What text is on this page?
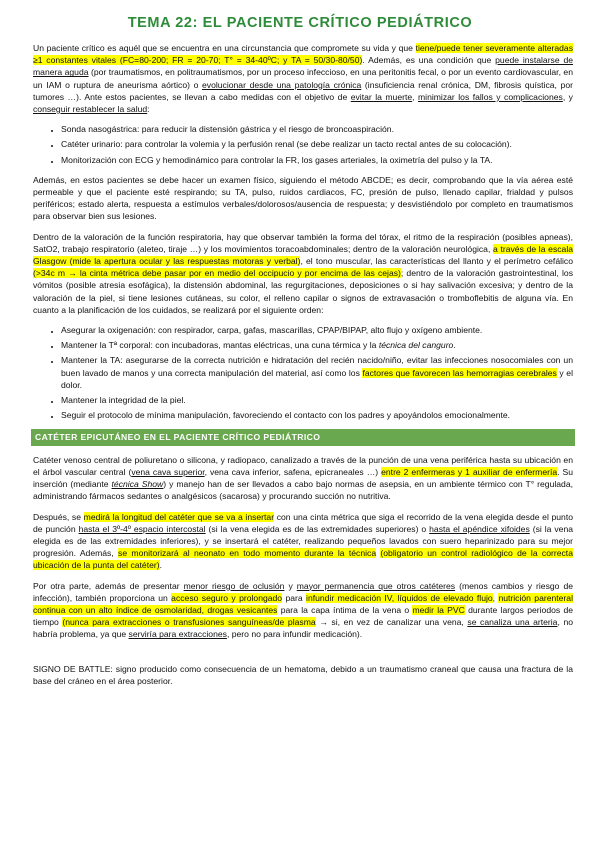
TEMA 22: EL PACIENTE CRÍTICO PEDIÁTRICO

Un paciente crítico es aquél que se encuentra en una circunstancia que compromete su vida y que tiene/puede tener severamente alteradas ≥1 constantes vitales (FC=80-200; FR = 20-70; T° = 34-40ºC; y TA = 50/30-80/50). Además, es una condición que puede instalarse de manera aguda (por traumatismos, en politraumatismos, por un proceso infeccioso, en una peritonitis fecal, o por un evento cardiovascular, en un IAM o ruptura de aneurisma aórtico) o evolucionar desde una patología crónica (insuficiencia renal crónica, DM, fibrosis quística, por tumores …). Ante estos pacientes, se llevan a cabo medidas con el objetivo de evitar la muerte, minimizar los fallos y complicaciones, y conseguir restablecer la salud:

• Sonda nasogástrica: para reducir la distensión gástrica y el riesgo de broncoaspiración.
• Catéter urinario: para controlar la volemia y la perfusión renal (se debe realizar un tacto rectal antes de su colocación).
• Monitorización con ECG y hemodinámico para controlar la FR, los gases arteriales, la oximetría del pulso y la TA.

Además, en estos pacientes se debe hacer un examen físico, siguiendo el método ABCDE; es decir, comprobando que la vía aérea esté permeable y que el paciente esté respirando; su TA, pulso, ruidos cardiacos, FC, presión de pulso, llenado capilar, frialdad y pulsos periféricos; estado alerta, respuesta a estímulos verbales/dolorosos/ausencia de respuesta; y desvistiéndolo por completo en traumatismos para observar bien sus lesiones.

Dentro de la valoración de la función respiratoria, hay que observar también la forma del tórax, el ritmo de la respiración (posibles apneas), SatO2, trabajo respiratorio (aleteo, tiraje …) y los movimientos toracoabdominales; dentro de la valoración neurológica, a través de la escala Glasgow (mide la apertura ocular y las respuestas motoras y verbal), el tono muscular, las características del llanto y el perímetro cefálico (>34c m → la cinta métrica debe pasar por en medio del occipucio y por encima de las cejas); dentro de la valoración gastrointestinal, los vómitos (posible atresia esofágica), la distensión abdominal, las regurgitaciones, deposiciones o si hay salivación excesiva; y dentro de la valoración de la piel, si tiene lesiones cutáneas, su color, el relleno capilar o signos de extravasación o tromboflebitis de alguna vía. En cuanto a la planificación de los cuidados, se realizará por el siguiente orden:

• Asegurar la oxigenación: con respirador, carpa, gafas, mascarillas, CPAP/BIPAP, alto flujo y oxígeno ambiente.
• Mantener la Tª corporal: con incubadoras, mantas eléctricas, una cuna térmica y la técnica del canguro.
• Mantener la TA: asegurarse de la correcta nutrición e hidratación del recién nacido/niño, evitar las infecciones nosocomiales con un buen lavado de manos y una correcta manipulación del material, así como los factores que favorecen las hemorragias cerebrales y el dolor.
• Mantener la integridad de la piel.
• Seguir el protocolo de mínima manipulación, favoreciendo el contacto con los padres y apoyándolos emocionalmente.
CATÉTER EPICUTÁNEO EN EL PACIENTE CRÍTICO PEDIÁTRICO

Catéter venoso central de poliuretano o silicona, y radiopaco, canalizado a través de la punción de una vena periférica hasta su ubicación en el árbol vascular central (vena cava superior, vena cava inferior, safena, epicraneales …) entre 2 enfermeras y 1 auxiliar de enfermería. Su inserción (mediante técnica Show) y manejo han de ser llevados a cabo bajo normas de asepsia, en un ambiente térmico con T° regulada, administrando fármacos sedantes o analgésicos (sacarosa) y procurando succión no nutritiva.

Después, se medirá la longitud del catéter que se va a insertar con una cinta métrica que siga el recorrido de la vena elegida desde el punto de punción hasta el 3º-4º espacio intercostal (si la vena elegida es de las extremidades superiores) o hasta el apéndice xifoides (si la vena elegida es de las extremidades inferiores), y se insertará el catéter, realizando pequeños lavados con suero heparinizado para su mejor progresión. Además, se monitorizará al neonato en todo momento durante la técnica (obligatorio un control radiológico de la correcta ubicación de la punta del catéter).

Por otra parte, además de presentar menor riesgo de oclusión y mayor permanencia que otros catéteres (menos cambios y riesgo de infección), también proporciona un acceso seguro y prolongado para infundir medicación IV, líquidos de elevado flujo, nutrición parenteral continua con un alto índice de osmolaridad, drogas vesicantes para la capa íntima de la vena o medir la PVC durante largos periodos de tiempo (nunca para extracciones o transfusiones sanguíneas/de plasma → si, en vez de canalizar una vena, se canaliza una arteria, no habría problema, ya que serviría para extracciones, pero no para infundir medicación).

SIGNO DE BATTLE: signo producido como consecuencia de un hematoma, debido a un traumatismo craneal que causa una fractura de la base del cráneo en el área posterior.
